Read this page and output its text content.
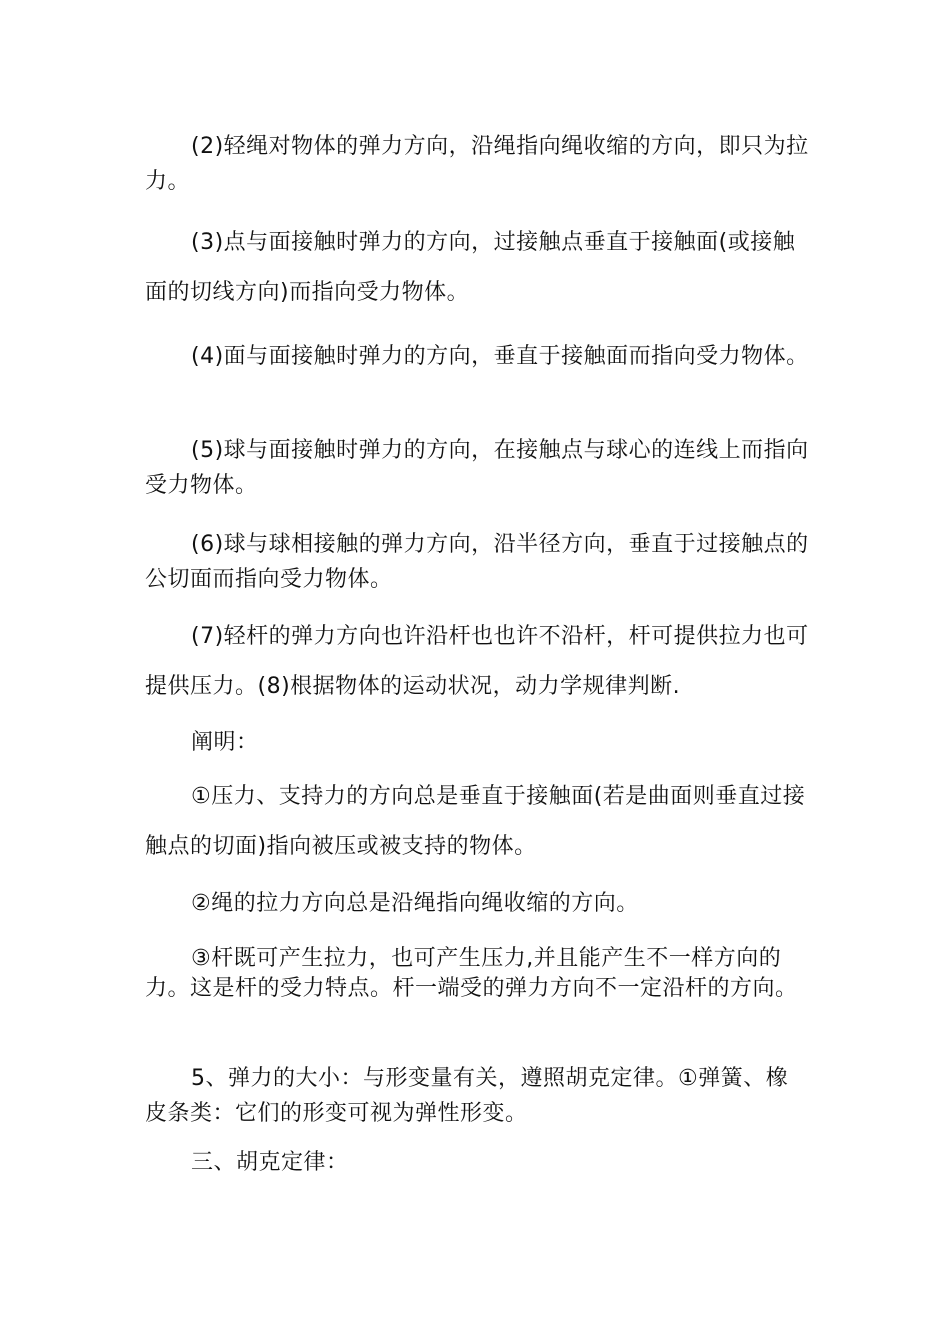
(2)轻绳对物体的弹力方向，沿绳指向绳收缩的方向，即只为拉力。

(3)点与面接触时弹力的方向，过接触点垂直于接触面(或接触面的切线方向)而指向受力物体。

(4)面与面接触时弹力的方向，垂直于接触面而指向受力物体。

(5)球与面接触时弹力的方向，在接触点与球心的连线上而指向受力物体。

(6)球与球相接触的弹力方向，沿半径方向，垂直于过接触点的公切面而指向受力物体。

(7)轻杆的弹力方向也许沿杆也也许不沿杆，杆可提供拉力也可提供压力。(8)根据物体的运动状况，动力学规律判断.

阐明：

①压力、支持力的方向总是垂直于接触面(若是曲面则垂直过接触点的切面)指向被压或被支持的物体。

②绳的拉力方向总是沿绳指向绳收缩的方向。

③杆既可产生拉力，也可产生压力,并且能产生不一样方向的力。这是杆的受力特点。杆一端受的弹力方向不一定沿杆的方向。

5、弹力的大小：与形变量有关，遵照胡克定律。①弹簧、橡皮条类：它们的形变可视为弹性形变。

三、胡克定律：
